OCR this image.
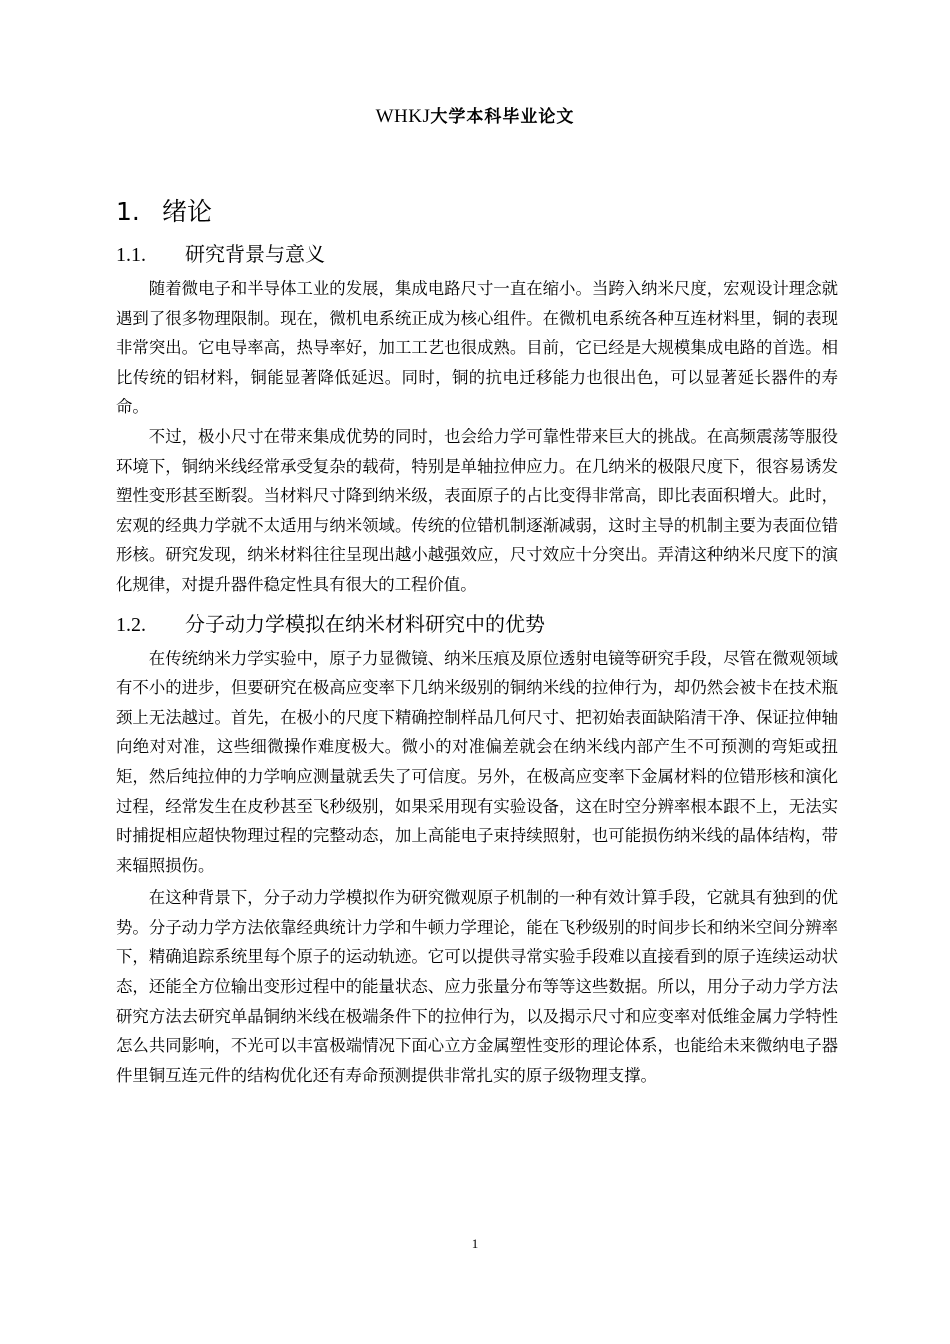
WHKJ大学本科毕业论文
1. 绪论
1.1. 研究背景与意义

随着微电子和半导体工业的发展，集成电路尺寸一直在缩小。当跨入纳米尺度，宏观设计理念就遇到了很多物理限制。现在，微机电系统正成为核心组件。在微机电系统各种互连材料里，铜的表现非常突出。它电导率高，热导率好，加工工艺也很成熟。目前，它已经是大规模集成电路的首选。相比传统的铝材料，铜能显著降低延迟。同时，铜的抗电迁移能力也很出色，可以显著延长器件的寿命。

不过，极小尺寸在带来集成优势的同时，也会给力学可靠性带来巨大的挑战。在高频震荡等服役环境下，铜纳米线经常承受复杂的载荷，特别是单轴拉伸应力。在几纳米的极限尺度下，很容易诱发塑性变形甚至断裂。当材料尺寸降到纳米级，表面原子的占比变得非常高，即比表面积增大。此时，宏观的经典力学就不太适用与纳米领域。传统的位错机制逐渐减弱，这时主导的机制主要为表面位错形核。研究发现，纳米材料往往呈现出越小越强效应，尺寸效应十分突出。弄清这种纳米尺度下的演化规律，对提升器件稳定性具有很大的工程价值。

1.2. 分子动力学模拟在纳米材料研究中的优势

在传统纳米力学实验中，原子力显微镜、纳米压痕及原位透射电镜等研究手段，尽管在微观领域有不小的进步，但要研究在极高应变率下几纳米级别的铜纳米线的拉伸行为，却仍然会被卡在技术瓶颈上无法越过。首先，在极小的尺度下精确控制样品几何尺寸、把初始表面缺陷清干净、保证拉伸轴向绝对对准，这些细微操作难度极大。微小的对准偏差就会在纳米线内部产生不可预测的弯矩或扭矩，然后纯拉伸的力学响应测量就丢失了可信度。另外，在极高应变率下金属材料的位错形核和演化过程，经常发生在皮秒甚至飞秒级别，如果采用现有实验设备，这在时空分辨率根本跟不上，无法实时捕捉相应超快物理过程的完整动态，加上高能电子束持续照射，也可能损伤纳米线的晶体结构，带来辐照损伤。

在这种背景下，分子动力学模拟作为研究微观原子机制的一种有效计算手段，它就具有独到的优势。分子动力学方法依靠经典统计力学和牛顿力学理论，能在飞秒级别的时间步长和纳米空间分辨率下，精确追踪系统里每个原子的运动轨迹。它可以提供寻常实验手段难以直接看到的原子连续运动状态，还能全方位输出变形过程中的能量状态、应力张量分布等等这些数据。所以，用分子动力学方法研究方法去研究单晶铜纳米线在极端条件下的拉伸行为，以及揭示尺寸和应变率对低维金属力学特性怎么共同影响，不光可以丰富极端情况下面心立方金属塑性变形的理论体系，也能给未来微纳电子器件里铜互连元件的结构优化还有寿命预测提供非常扎实的原子级物理支撑。

1
